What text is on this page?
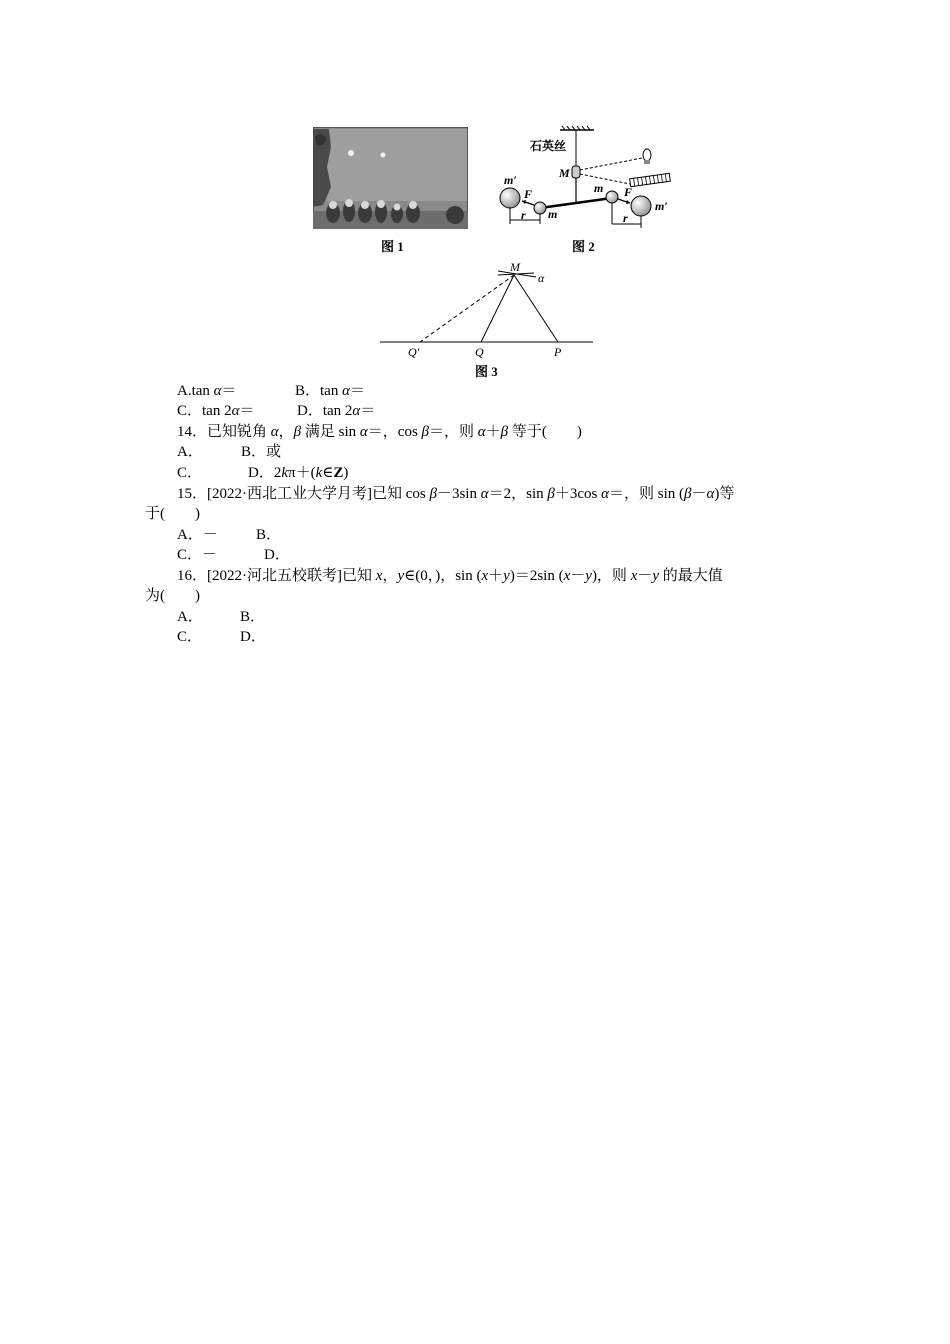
图 1
石英丝
M
F	F
m′
m′
m
m
r	r
图 2
M
α
Q′	Q	P
图 3
A.tan α＝	B．tan α＝
C．tan 2α＝	D．tan 2α＝
14．已知锐角 α，β 满足 sin α＝，cos β＝，则 α＋β 等于(　　)
A．	B．或
C．	D．2kπ＋(k∈Z)
15．[2022·西北工业大学月考]已知 cos β－3sin α＝2，sin β＋3cos α＝，则 sin (β－α)等
于(　　)
A．－	B．
C．－	D．
16．[2022·河北五校联考]已知 x，y∈(0，)，sin (x＋y)＝2sin (x－y)，则 x－y 的最大值
为(　　)
A． B．
C．	D．
